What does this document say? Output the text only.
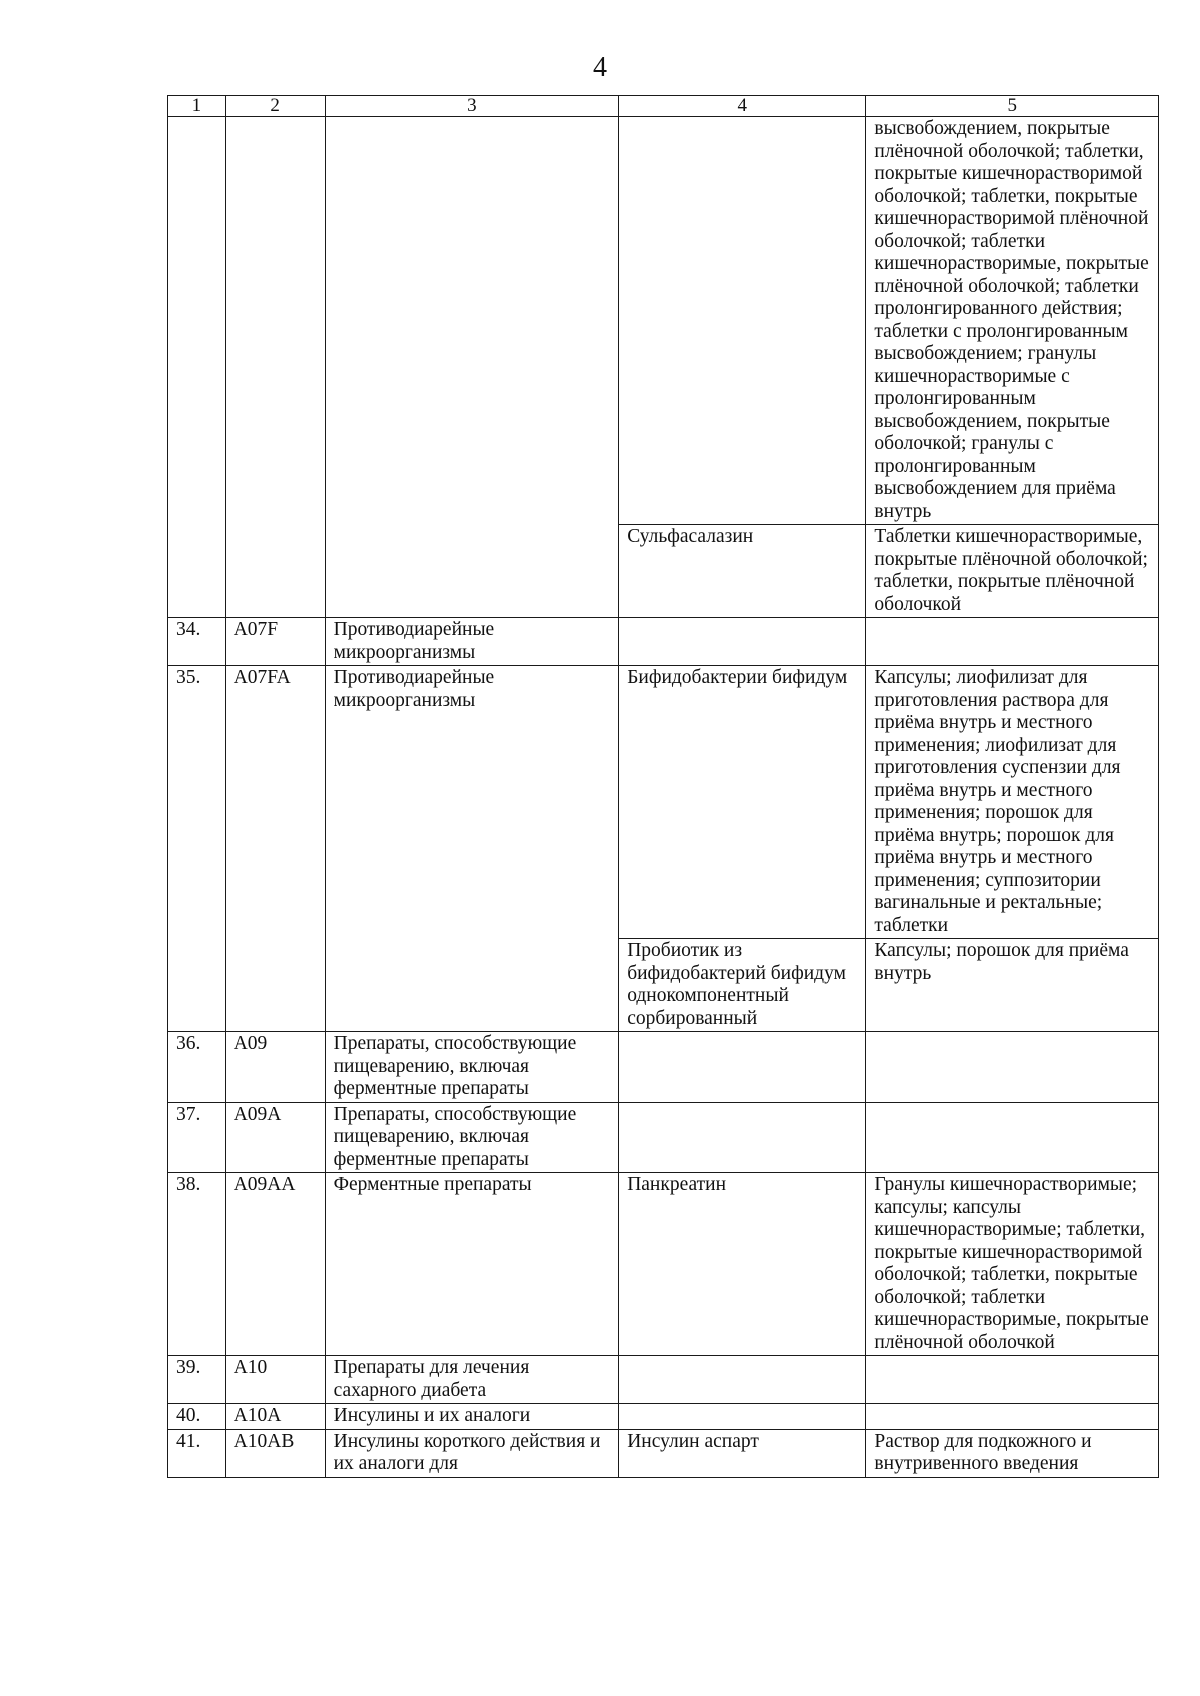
4
1	2	3	4	5
				высвобождением, покрытые плёночной оболочкой; таблетки, покрытые кишечнорастворимой оболочкой; таблетки, покрытые кишечнорастворимой плёночной оболочкой; таблетки кишечнорастворимые, покрытые плёночной оболочкой; таблетки пролонгированного действия; таблетки с пролонгированным высвобождением; гранулы кишечнорастворимые с пролонгированным высвобождением, покрытые оболочкой; гранулы с пролонгированным высвобождением для приёма внутрь
			Сульфасалазин	Таблетки кишечнорастворимые, покрытые плёночной оболочкой; таблетки, покрытые плёночной оболочкой
34.	A07F	Противодиарейные микроорганизмы		
35.	A07FA	Противодиарейные микроорганизмы	Бифидобактерии бифидум	Капсулы; лиофилизат для приготовления раствора для приёма внутрь и местного применения; лиофилизат для приготовления суспензии для приёма внутрь и местного применения; порошок для приёма внутрь; порошок для приёма внутрь и местного применения; суппозитории вагинальные и ректальные; таблетки
			Пробиотик из бифидобактерий бифидум однокомпонентный сорбированный	Капсулы; порошок для приёма внутрь
36.	A09	Препараты, способствующие пищеварению, включая ферментные препараты		
37.	A09A	Препараты, способствующие пищеварению, включая ферментные препараты		
38.	A09AA	Ферментные препараты	Панкреатин	Гранулы кишечнорастворимые; капсулы; капсулы кишечнорастворимые; таблетки, покрытые кишечнорастворимой оболочкой; таблетки, покрытые оболочкой; таблетки кишечнорастворимые, покрытые плёночной оболочкой
39.	A10	Препараты для лечения сахарного диабета		
40.	A10A	Инсулины и их аналоги		
41.	A10AB	Инсулины короткого действия и их аналоги для	Инсулин аспарт	Раствор для подкожного и внутривенного введения
